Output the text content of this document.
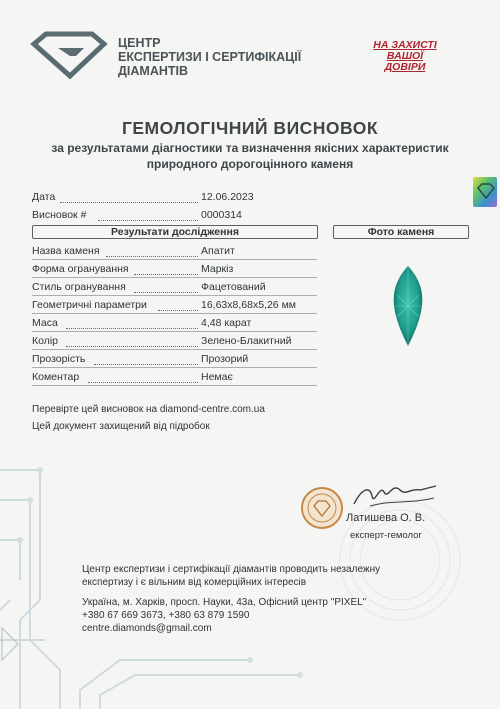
ЦЕНТР
ЕКСПЕРТИЗИ І СЕРТИФІКАЦІЇ
ДІАМАНТІВ
НА ЗАХИСТІ
ВАШОЇ
ДОВІРИ
ГЕМОЛОГІЧНИЙ ВИСНОВОК
за результатами діагностики та визначення якісних характеристик
природного дорогоцінного каменя
Дата	12.06.2023
Висновок #	0000314
Результати дослідження	Фото каменя
Назва каменя	Апатит
Форма огранування	Маркіз
Стиль огранування	Фацетований
Геометричні параметри	16,63х8,68х5,26 мм
Маса	4,48 карат
Колір	Зелено-Блакитний
Прозорість	Прозорий
Коментар	Немає
Перевірте цей висновок на diamond-centre.com.ua
Цей документ захищений від підробок
Латишева О. В.
експерт-гемолог
Центр експертизи і сертифікації діамантів проводить незалежну
експертизу і є вільним від комерційних інтересів
Україна, м. Харків, просп. Науки, 43а, Офісний центр "PIXEL"
+380 67 669 3673, +380 63 879 1590
centre.diamonds@gmail.com
